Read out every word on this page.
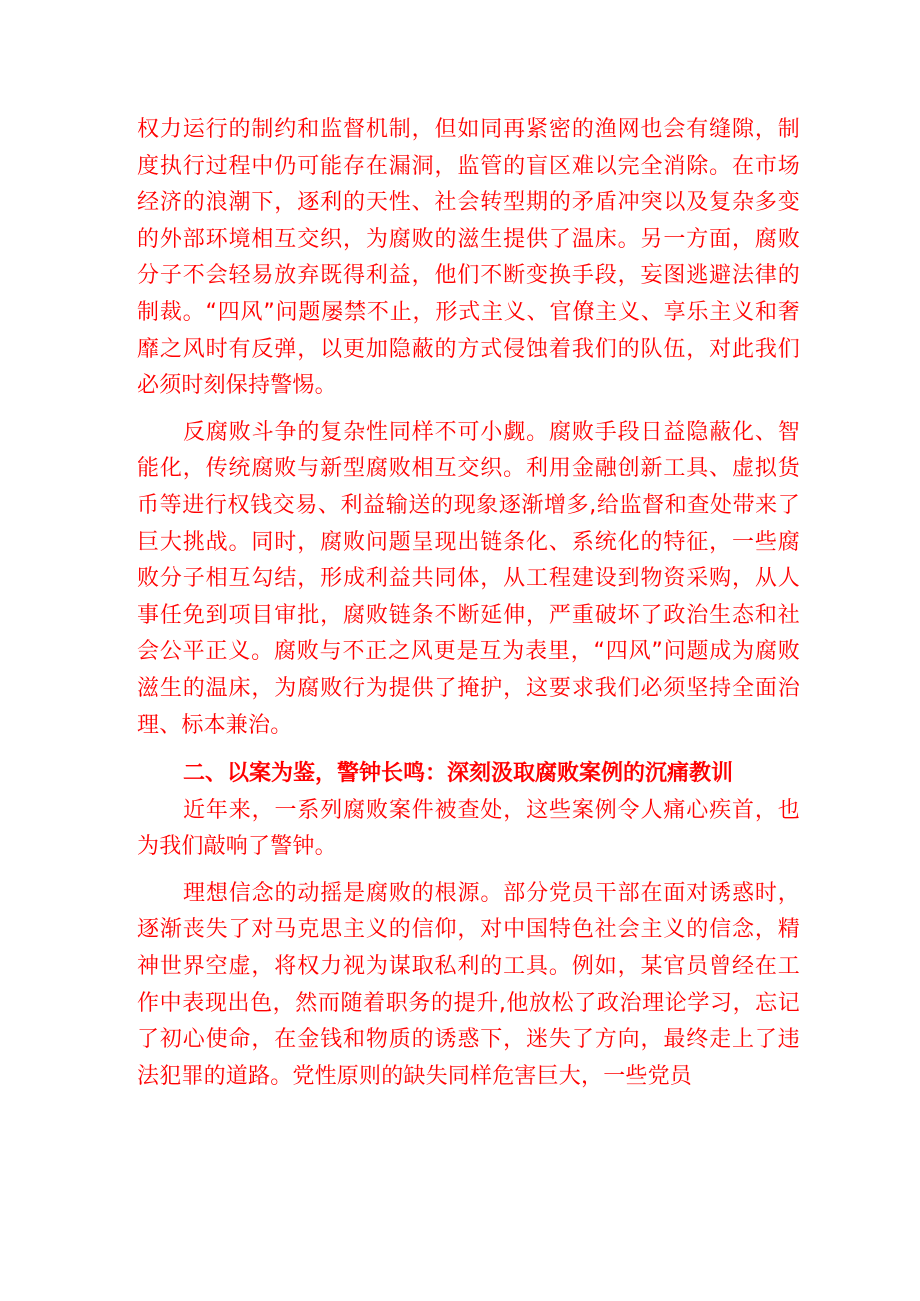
权力运行的制约和监督机制，但如同再紧密的渔网也会有缝隙，制度执行过程中仍可能存在漏洞，监管的盲区难以完全消除。在市场经济的浪潮下，逐利的天性、社会转型期的矛盾冲突以及复杂多变的外部环境相互交织，为腐败的滋生提供了温床。另一方面，腐败分子不会轻易放弃既得利益，他们不断变换手段，妄图逃避法律的制裁。“四风”问题屡禁不止，形式主义、官僚主义、享乐主义和奢靡之风时有反弹，以更加隐蔽的方式侵蚀着我们的队伍，对此我们必须时刻保持警惕。

反腐败斗争的复杂性同样不可小觑。腐败手段日益隐蔽化、智能化，传统腐败与新型腐败相互交织。利用金融创新工具、虚拟货币等进行权钱交易、利益输送的现象逐渐增多,给监督和查处带来了巨大挑战。同时，腐败问题呈现出链条化、系统化的特征，一些腐败分子相互勾结，形成利益共同体，从工程建设到物资采购，从人事任免到项目审批，腐败链条不断延伸，严重破坏了政治生态和社会公平正义。腐败与不正之风更是互为表里，“四风”问题成为腐败滋生的温床，为腐败行为提供了掩护，这要求我们必须坚持全面治理、标本兼治。

二、以案为鉴，警钟长鸣：深刻汲取腐败案例的沉痛教训

近年来，一系列腐败案件被查处，这些案例令人痛心疾首，也为我们敲响了警钟。

理想信念的动摇是腐败的根源。部分党员干部在面对诱惑时，逐渐丧失了对马克思主义的信仰，对中国特色社会主义的信念，精神世界空虚，将权力视为谋取私利的工具。例如，某官员曾经在工作中表现出色，然而随着职务的提升,他放松了政治理论学习，忘记了初心使命，在金钱和物质的诱惑下，迷失了方向，最终走上了违法犯罪的道路。党性原则的缺失同样危害巨大，一些党员
